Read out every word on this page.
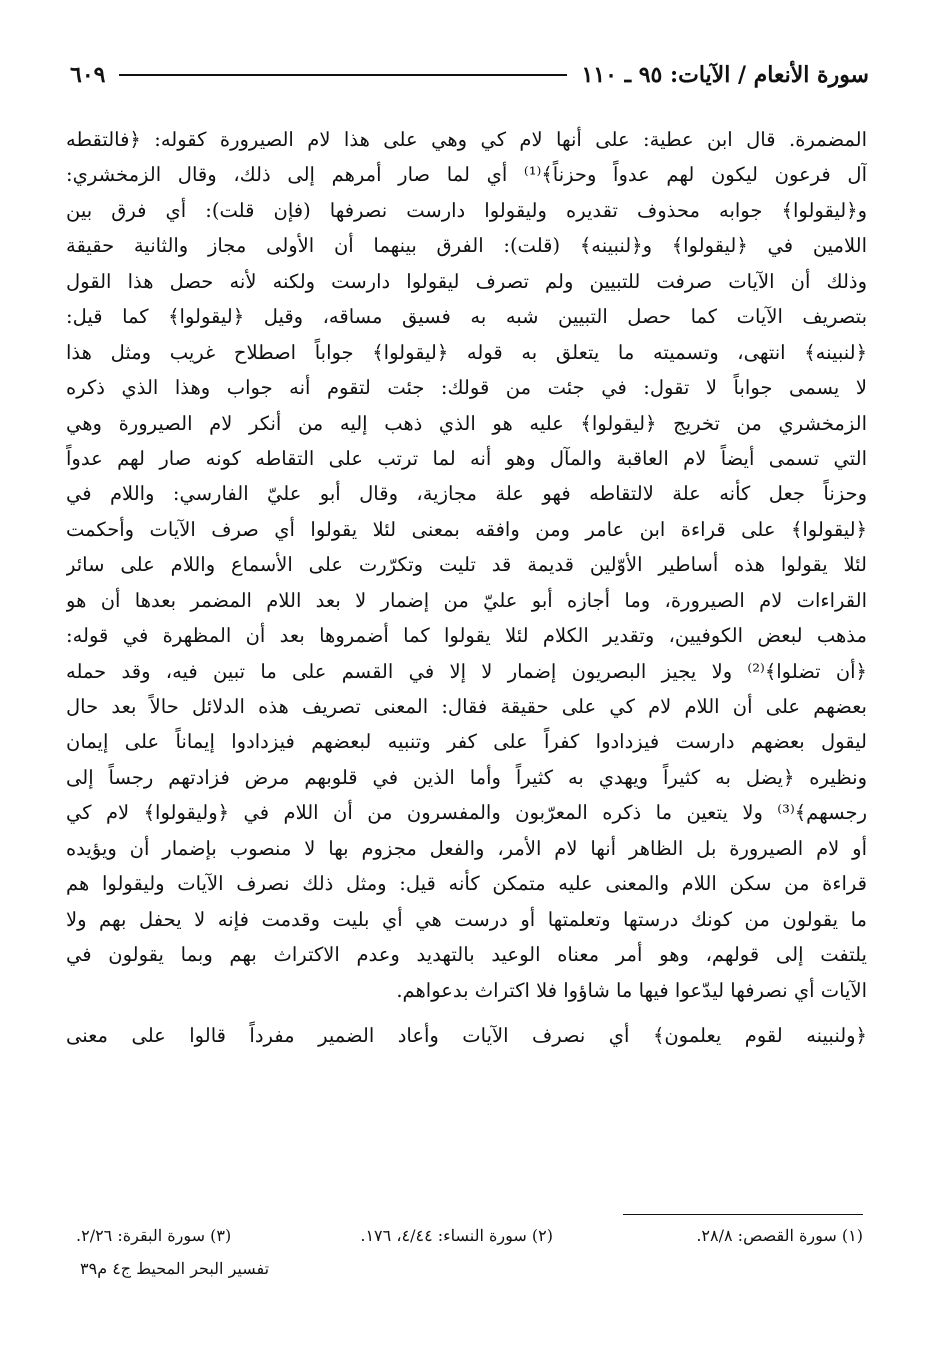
سورة الأنعام / الآيات: ٩٥ ـ ١١٠
٦٠٩
المضمرة. قال ابن عطية: على أنها لام كي وهي على هذا لام الصيرورة كقوله: ﴿فالتقطه
آل فرعون ليكون لهم عدواً وحزناً﴾⁽¹⁾ أي لما صار أمرهم إلى ذلك، وقال الزمخشري:
و﴿ليقولوا﴾ جوابه محذوف تقديره وليقولوا دارست نصرفها (فإن قلت): أي فرق بين
اللامين في ﴿ليقولوا﴾ و﴿لنبينه﴾ (قلت): الفرق بينهما أن الأولى مجاز والثانية حقيقة
وذلك أن الآيات صرفت للتبيين ولم تصرف ليقولوا دارست ولكنه لأنه حصل هذا القول
بتصريف الآيات كما حصل التبيين شبه به فسيق مساقه، وقيل ﴿ليقولوا﴾ كما قيل:
﴿لنبينه﴾ انتهى، وتسميته ما يتعلق به قوله ﴿ليقولوا﴾ جواباً اصطلاح غريب ومثل هذا
لا يسمى جواباً لا تقول: في جئت من قولك: جئت لتقوم أنه جواب وهذا الذي ذكره
الزمخشري من تخريج ﴿ليقولوا﴾ عليه هو الذي ذهب إليه من أنكر لام الصيرورة وهي
التي تسمى أيضاً لام العاقبة والمآل وهو أنه لما ترتب على التقاطه كونه صار لهم عدواً
وحزناً جعل كأنه علة لالتقاطه فهو علة مجازية، وقال أبو عليّ الفارسي: واللام في
﴿ليقولوا﴾ على قراءة ابن عامر ومن وافقه بمعنى لئلا يقولوا أي صرف الآيات وأحكمت
لئلا يقولوا هذه أساطير الأوّلين قديمة قد تليت وتكرّرت على الأسماع واللام على سائر
القراءات لام الصيرورة، وما أجازه أبو عليّ من إضمار لا بعد اللام المضمر بعدها أن هو
مذهب لبعض الكوفيين، وتقدير الكلام لئلا يقولوا كما أضمروها بعد أن المظهرة في قوله:
﴿أن تضلوا﴾⁽²⁾ ولا يجيز البصريون إضمار لا إلا في القسم على ما تبين فيه، وقد حمله
بعضهم على أن اللام لام كي على حقيقة فقال: المعنى تصريف هذه الدلائل حالاً بعد حال
ليقول بعضهم دارست فيزدادوا كفراً على كفر وتنبيه لبعضهم فيزدادوا إيماناً على إيمان
ونظيره ﴿يضل به كثيراً ويهدي به كثيراً وأما الذين في قلوبهم مرض فزادتهم رجساً إلى
رجسهم﴾⁽³⁾ ولا يتعين ما ذكره المعرّبون والمفسرون من أن اللام في ﴿وليقولوا﴾ لام كي
أو لام الصيرورة بل الظاهر أنها لام الأمر، والفعل مجزوم بها لا منصوب بإضمار أن ويؤيده
قراءة من سكن اللام والمعنى عليه متمكن كأنه قيل: ومثل ذلك نصرف الآيات وليقولوا هم
ما يقولون من كونك درستها وتعلمتها أو درست هي أي بليت وقدمت فإنه لا يحفل بهم ولا
يلتفت إلى قولهم، وهو أمر معناه الوعيد بالتهديد وعدم الاكتراث بهم وبما يقولون في
الآيات أي نصرفها ليدّعوا فيها ما شاؤوا فلا اكتراث بدعواهم.
﴿ولنبينه لقوم يعلمون﴾ أي نصرف الآيات وأعاد الضمير مفرداً قالوا على معنى
(١) سورة القصص: ٢٨/٨.
(٢) سورة النساء: ٤/٤٤، ١٧٦.
(٣) سورة البقرة: ٢/٢٦.
تفسير البحر المحيط ج٤ م٣٩
